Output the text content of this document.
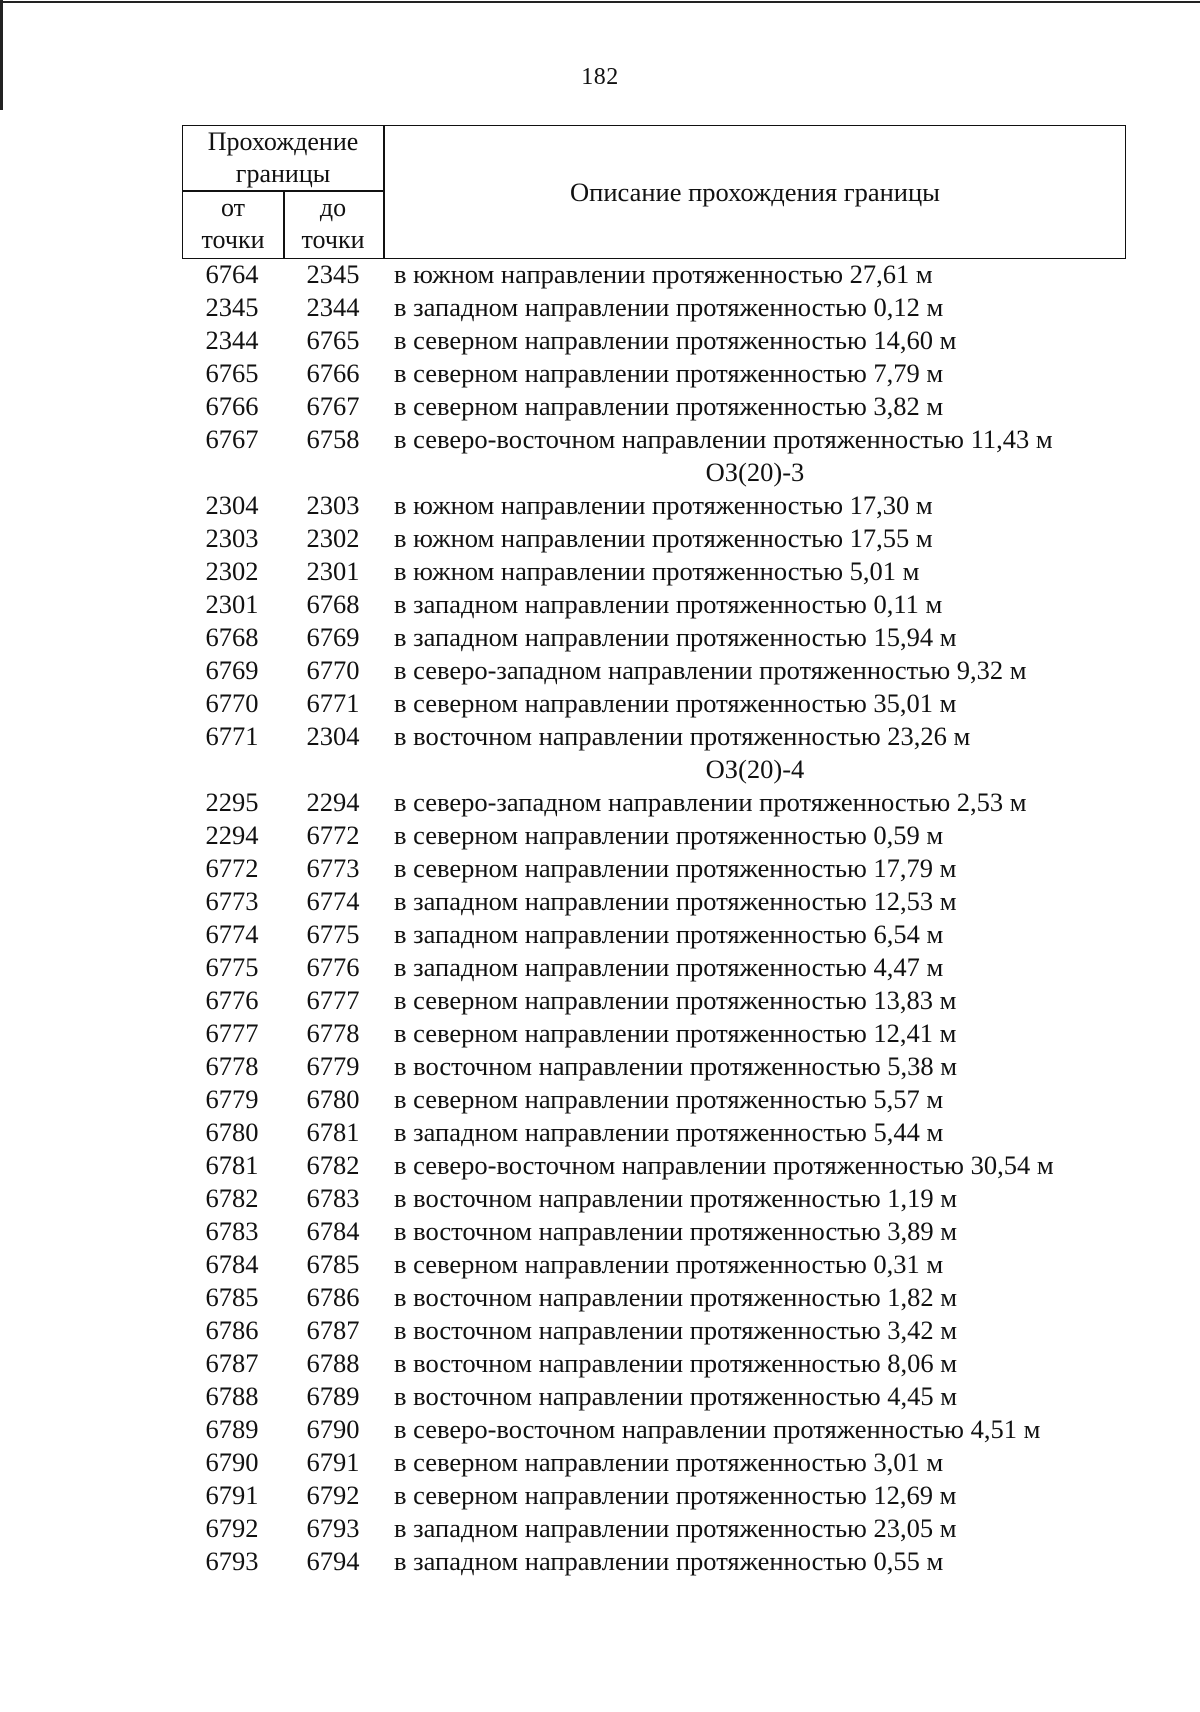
182
Прохождение границы
от точки
до точки
Описание прохождения границы
6764	2345	в южном направлении протяженностью 27,61 м
2345	2344	в западном направлении протяженностью 0,12 м
2344	6765	в северном направлении протяженностью 14,60 м
6765	6766	в северном направлении протяженностью 7,79 м
6766	6767	в северном направлении протяженностью 3,82 м
6767	6758	в северо-восточном направлении протяженностью 11,43 м
ОЗ(20)-3
2304	2303	в южном направлении протяженностью 17,30 м
2303	2302	в южном направлении протяженностью 17,55 м
2302	2301	в южном направлении протяженностью 5,01 м
2301	6768	в западном направлении протяженностью 0,11 м
6768	6769	в западном направлении протяженностью 15,94 м
6769	6770	в северо-западном направлении протяженностью 9,32 м
6770	6771	в северном направлении протяженностью 35,01 м
6771	2304	в восточном направлении протяженностью 23,26 м
ОЗ(20)-4
2295	2294	в северо-западном направлении протяженностью 2,53 м
2294	6772	в северном направлении протяженностью 0,59 м
6772	6773	в северном направлении протяженностью 17,79 м
6773	6774	в западном направлении протяженностью 12,53 м
6774	6775	в западном направлении протяженностью 6,54 м
6775	6776	в западном направлении протяженностью 4,47 м
6776	6777	в северном направлении протяженностью 13,83 м
6777	6778	в северном направлении протяженностью 12,41 м
6778	6779	в восточном направлении протяженностью 5,38 м
6779	6780	в северном направлении протяженностью 5,57 м
6780	6781	в западном направлении протяженностью 5,44 м
6781	6782	в северо-восточном направлении протяженностью 30,54 м
6782	6783	в восточном направлении протяженностью 1,19 м
6783	6784	в восточном направлении протяженностью 3,89 м
6784	6785	в северном направлении протяженностью 0,31 м
6785	6786	в восточном направлении протяженностью 1,82 м
6786	6787	в восточном направлении протяженностью 3,42 м
6787	6788	в восточном направлении протяженностью 8,06 м
6788	6789	в восточном направлении протяженностью 4,45 м
6789	6790	в северо-восточном направлении протяженностью 4,51 м
6790	6791	в северном направлении протяженностью 3,01 м
6791	6792	в северном направлении протяженностью 12,69 м
6792	6793	в западном направлении протяженностью 23,05 м
6793	6794	в западном направлении протяженностью 0,55 м
